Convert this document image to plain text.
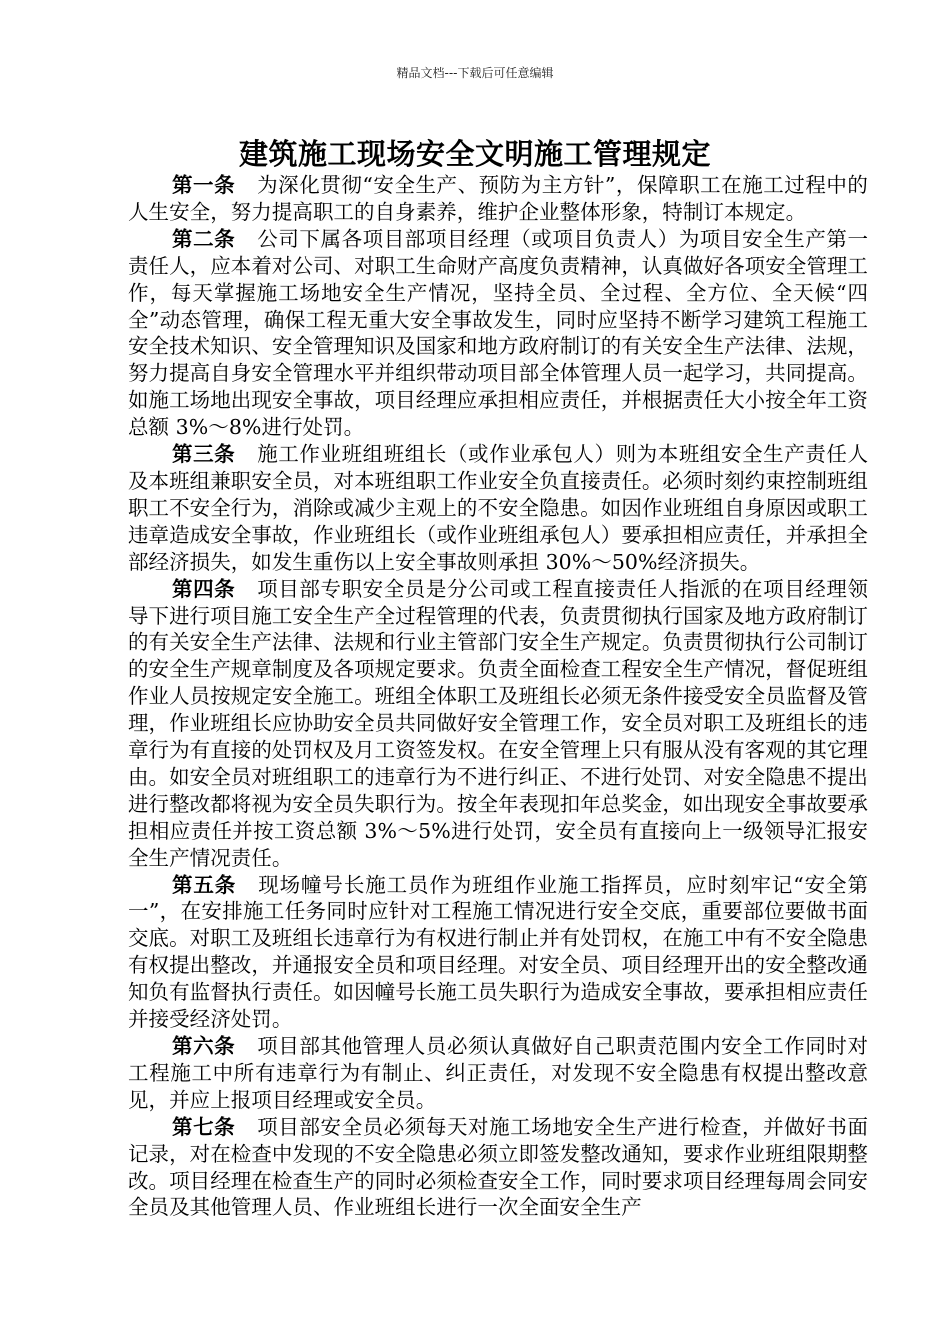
精品文档---下载后可任意编辑
建筑施工现场安全文明施工管理规定

第一条 为深化贯彻“安全生产、预防为主方针”，保障职工在施工过程中的人生安全，努力提高职工的自身素养，维护企业整体形象，特制订本规定。

第二条 公司下属各项目部项目经理（或项目负责人）为项目安全生产第一责任人，应本着对公司、对职工生命财产高度负责精神，认真做好各项安全管理工作，每天掌握施工场地安全生产情况，坚持全员、全过程、全方位、全天候“四全”动态管理，确保工程无重大安全事故发生，同时应坚持不断学习建筑工程施工安全技术知识、安全管理知识及国家和地方政府制订的有关安全生产法律、法规，努力提高自身安全管理水平并组织带动项目部全体管理人员一起学习，共同提高。如施工场地出现安全事故，项目经理应承担相应责任，并根据责任大小按全年工资总额 3%～8%进行处罚。

第三条 施工作业班组班组长（或作业承包人）则为本班组安全生产责任人及本班组兼职安全员，对本班组职工作业安全负直接责任。必须时刻约束控制班组职工不安全行为，消除或减少主观上的不安全隐患。如因作业班组自身原因或职工违章造成安全事故，作业班组长（或作业班组承包人）要承担相应责任，并承担全部经济损失，如发生重伤以上安全事故则承担 30%～50%经济损失。

第四条 项目部专职安全员是分公司或工程直接责任人指派的在项目经理领导下进行项目施工安全生产全过程管理的代表，负责贯彻执行国家及地方政府制订的有关安全生产法律、法规和行业主管部门安全生产规定。负责贯彻执行公司制订的安全生产规章制度及各项规定要求。负责全面检查工程安全生产情况，督促班组作业人员按规定安全施工。班组全体职工及班组长必须无条件接受安全员监督及管理，作业班组长应协助安全员共同做好安全管理工作，安全员对职工及班组长的违章行为有直接的处罚权及月工资签发权。在安全管理上只有服从没有客观的其它理由。如安全员对班组职工的违章行为不进行纠正、不进行处罚、对安全隐患不提出进行整改都将视为安全员失职行为。按全年表现扣年总奖金，如出现安全事故要承担相应责任并按工资总额 3%～5%进行处罚，安全员有直接向上一级领导汇报安全生产情况责任。

第五条 现场幢号长施工员作为班组作业施工指挥员，应时刻牢记“安全第一”，在安排施工任务同时应针对工程施工情况进行安全交底，重要部位要做书面交底。对职工及班组长违章行为有权进行制止并有处罚权，在施工中有不安全隐患有权提出整改，并通报安全员和项目经理。对安全员、项目经理开出的安全整改通知负有监督执行责任。如因幢号长施工员失职行为造成安全事故，要承担相应责任并接受经济处罚。

第六条 项目部其他管理人员必须认真做好自己职责范围内安全工作同时对工程施工中所有违章行为有制止、纠正责任，对发现不安全隐患有权提出整改意见，并应上报项目经理或安全员。

第七条 项目部安全员必须每天对施工场地安全生产进行检查，并做好书面记录，对在检查中发现的不安全隐患必须立即签发整改通知，要求作业班组限期整改。项目经理在检查生产的同时必须检查安全工作，同时要求项目经理每周会同安全员及其他管理人员、作业班组长进行一次全面安全生产
